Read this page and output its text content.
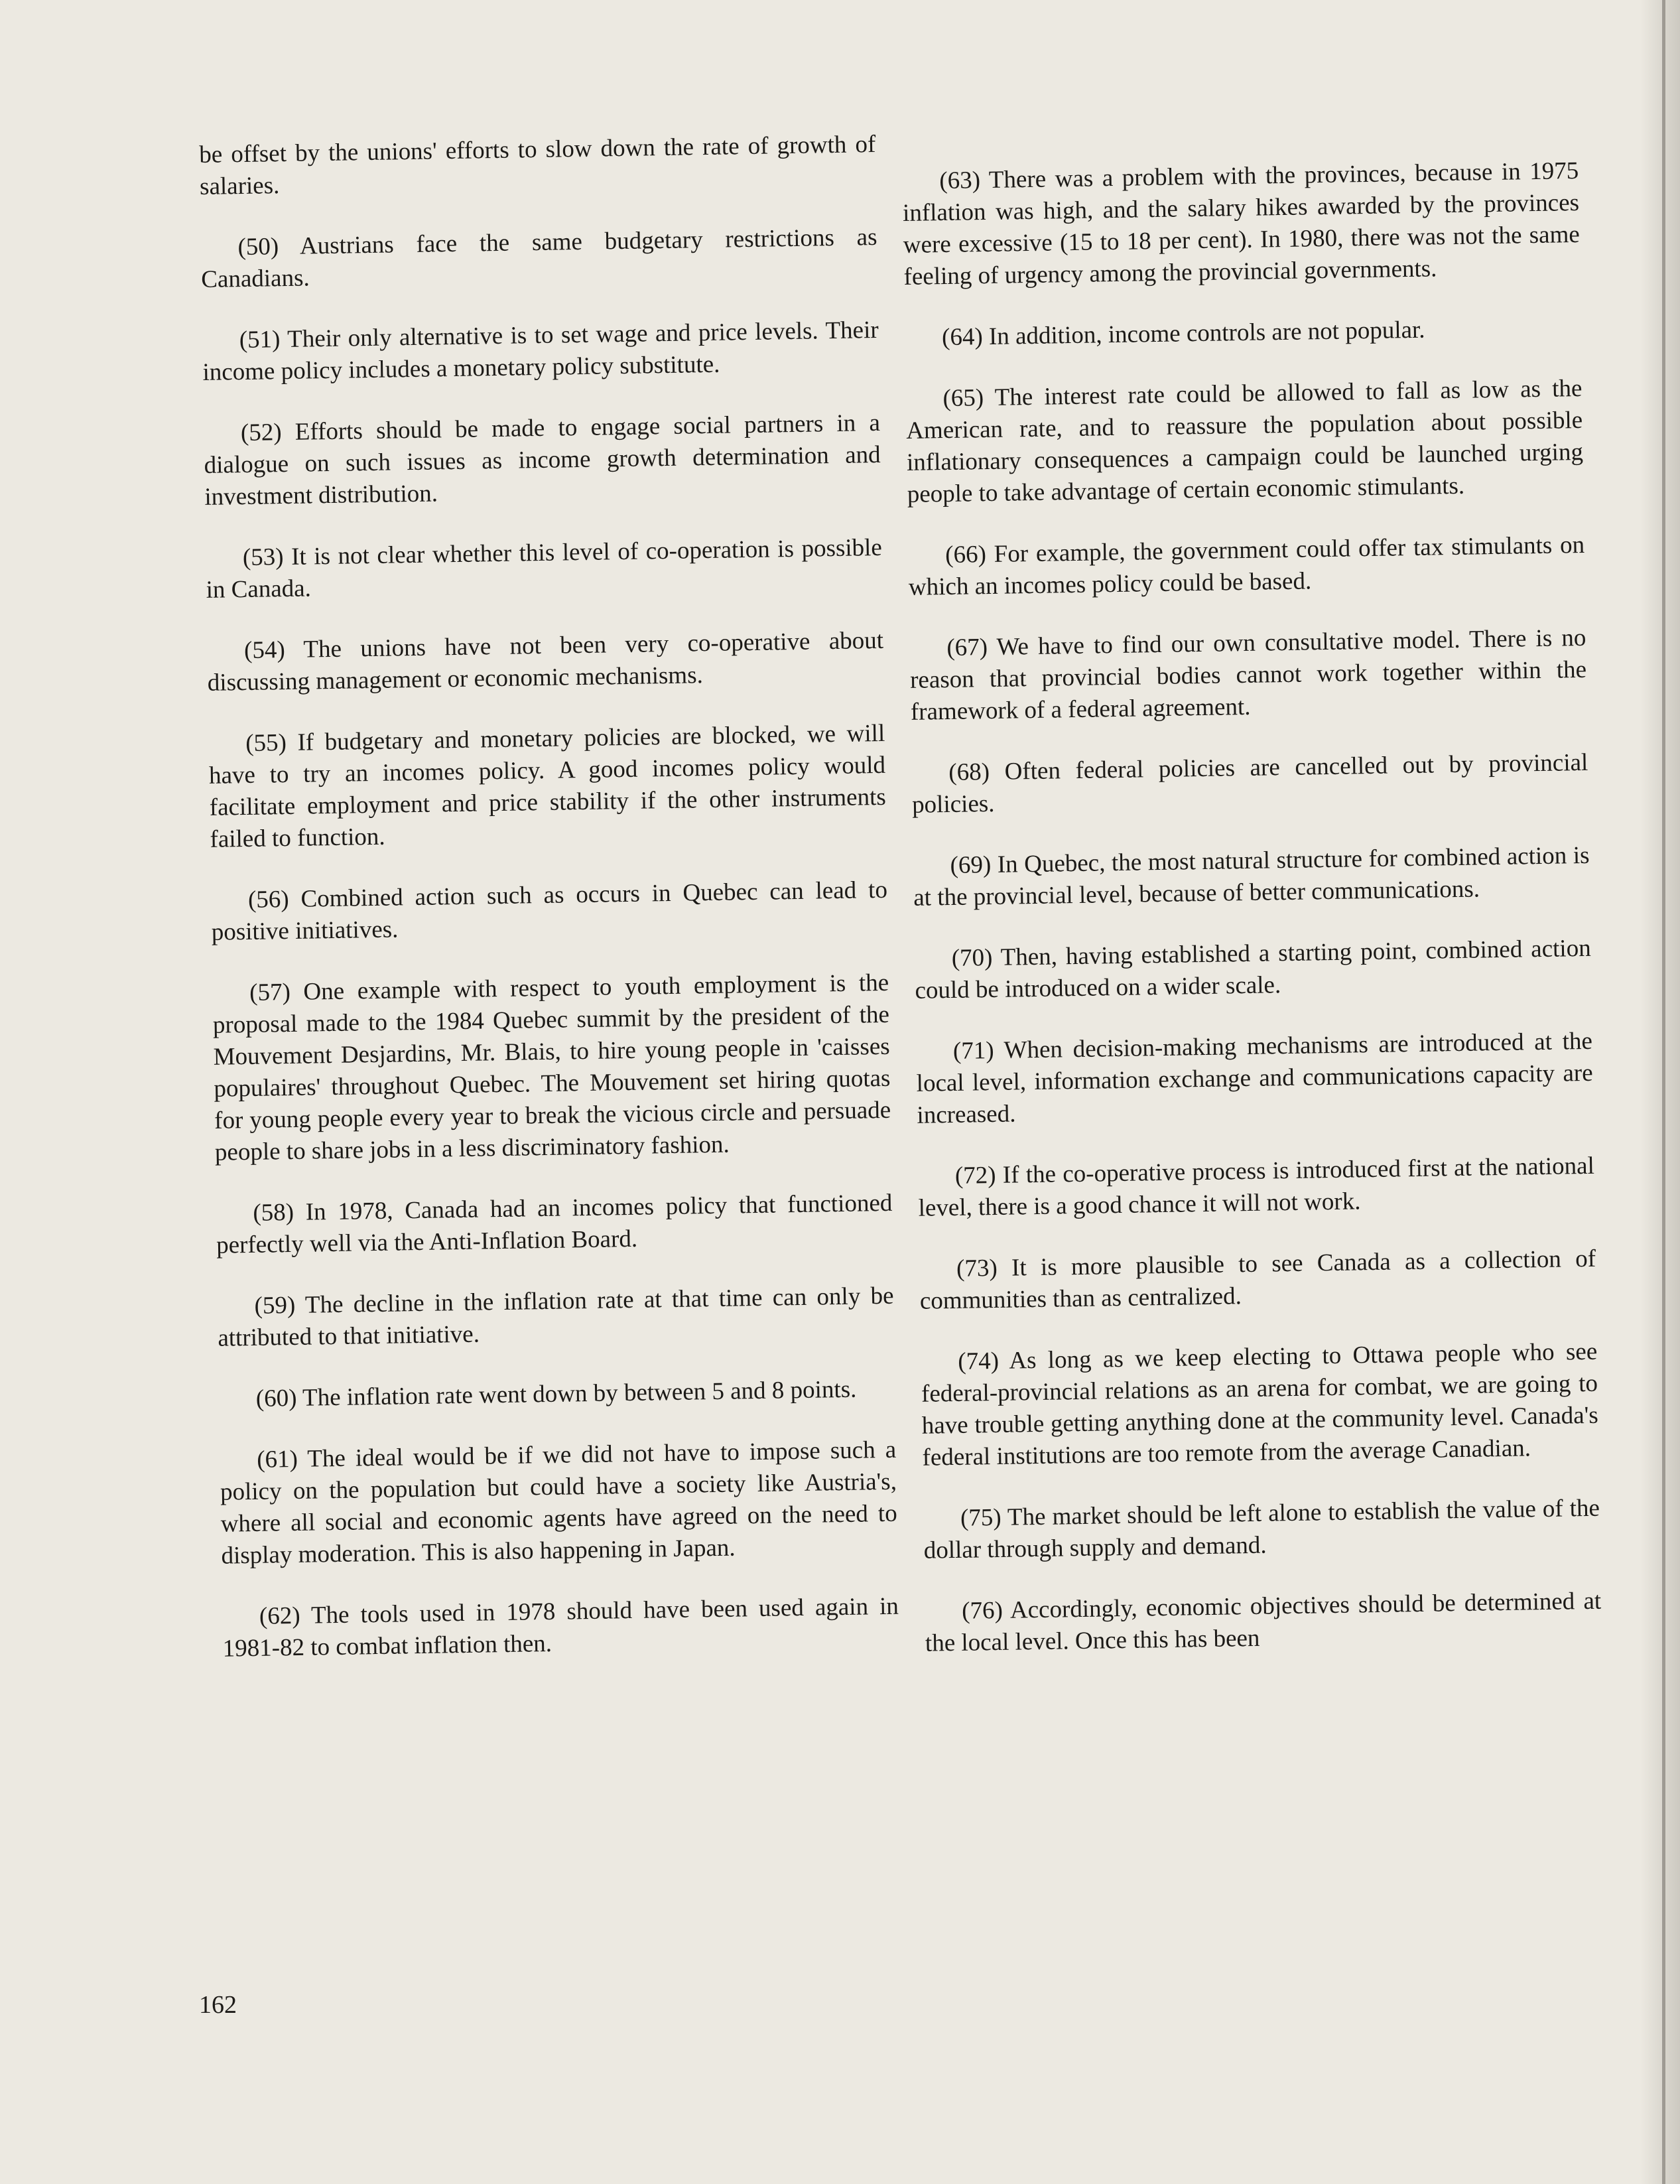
be offset by the unions' efforts to slow down the rate of growth of salaries.

(50) Austrians face the same budgetary restrictions as Canadians.

(51) Their only alternative is to set wage and price levels. Their income policy includes a monetary policy substitute.

(52) Efforts should be made to engage social partners in a dialogue on such issues as income growth determination and investment distribution.

(53) It is not clear whether this level of co-operation is possible in Canada.

(54) The unions have not been very co-operative about discussing management or economic mechanisms.

(55) If budgetary and monetary policies are blocked, we will have to try an incomes policy. A good incomes policy would facilitate employment and price stability if the other instruments failed to function.

(56) Combined action such as occurs in Quebec can lead to positive initiatives.

(57) One example with respect to youth employment is the proposal made to the 1984 Quebec summit by the president of the Mouvement Desjardins, Mr. Blais, to hire young people in 'caisses populaires' throughout Quebec. The Mouvement set hiring quotas for young people every year to break the vicious circle and persuade people to share jobs in a less discriminatory fashion.

(58) In 1978, Canada had an incomes policy that functioned perfectly well via the Anti-Inflation Board.

(59) The decline in the inflation rate at that time can only be attributed to that initiative.

(60) The inflation rate went down by between 5 and 8 points.

(61) The ideal would be if we did not have to impose such a policy on the population but could have a society like Austria's, where all social and economic agents have agreed on the need to display moderation. This is also happening in Japan.

(62) The tools used in 1978 should have been used again in 1981-82 to combat inflation then.

(63) There was a problem with the provinces, because in 1975 inflation was high, and the salary hikes awarded by the provinces were excessive (15 to 18 per cent). In 1980, there was not the same feeling of urgency among the provincial governments.

(64) In addition, income controls are not popular.

(65) The interest rate could be allowed to fall as low as the American rate, and to reassure the population about possible inflationary consequences a campaign could be launched urging people to take advantage of certain economic stimulants.

(66) For example, the government could offer tax stimulants on which an incomes policy could be based.

(67) We have to find our own consultative model. There is no reason that provincial bodies cannot work together within the framework of a federal agreement.

(68) Often federal policies are cancelled out by provincial policies.

(69) In Quebec, the most natural structure for combined action is at the provincial level, because of better communications.

(70) Then, having established a starting point, combined action could be introduced on a wider scale.

(71) When decision-making mechanisms are introduced at the local level, information exchange and communications capacity are increased.

(72) If the co-operative process is introduced first at the national level, there is a good chance it will not work.

(73) It is more plausible to see Canada as a collection of communities than as centralized.

(74) As long as we keep electing to Ottawa people who see federal-provincial relations as an arena for combat, we are going to have trouble getting anything done at the community level. Canada's federal institutions are too remote from the average Canadian.

(75) The market should be left alone to establish the value of the dollar through supply and demand.

(76) Accordingly, economic objectives should be determined at the local level. Once this has been

162
